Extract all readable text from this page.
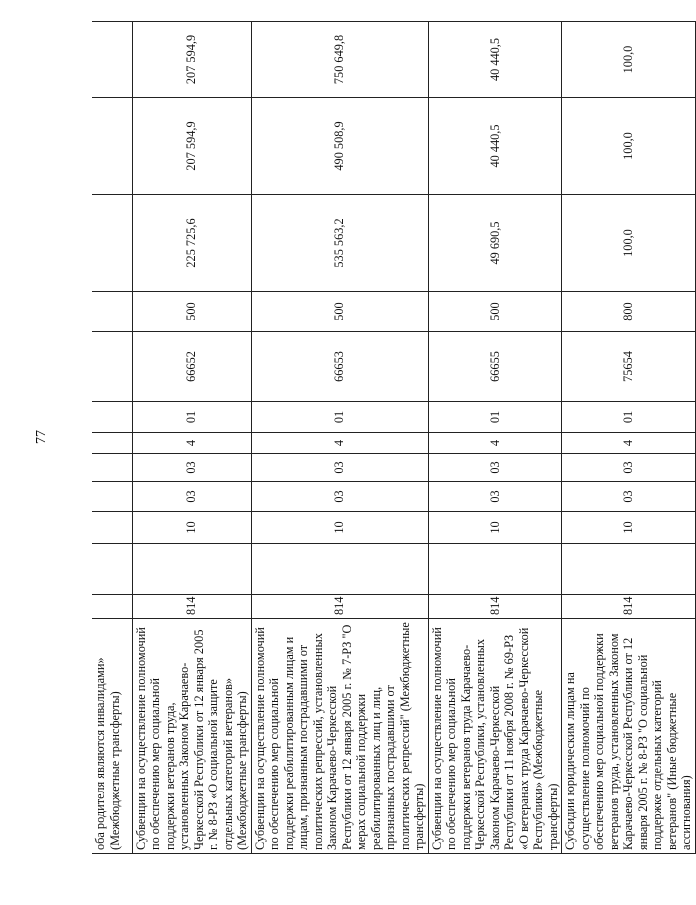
77
оба родителя являются инвалидами»
(Межбюджетные трансферты)												
Субвенции на осуществление полномочий по обеспечению мер социальной поддержки ветеранов труда, установленных Законом Карачаево-Черкесской Республики от 12 января 2005 г. № 8-РЗ «О социальной защите отдельных категорий ветеранов» (Межбюджетные трансферты)	814		10	03	03	4	01	66652	500	225 725,6	207 594,9	207 594,9
Субвенции на осуществление полномочий по обеспечению мер социальной поддержки реабилитированным лицам и лицам, признанным пострадавшими от политических репрессий, установленных Законом Карачаево-Черкесской Республики от 12 января 2005 г. № 7-РЗ "О мерах социальной поддержки реабилитированных лиц и лиц, признанных пострадавшими от политических репрессий" (Межбюджетные трансферты)	814		10	03	03	4	01	66653	500	535 563,2	490 508,9	750 649,8
Субвенции на осуществление полномочий по обеспечению мер социальной поддержки ветеранов труда Карачаево-Черкесской Республики, установленных Законом Карачаево-Черкесской Республики от 11 ноября 2008 г. № 69-РЗ «О ветеранах труда Карачаево-Черкесской Республики» (Межбюджетные трансферты)	814		10	03	03	4	01	66655	500	49 690,5	40 440,5	40 440,5
Субсидии юридическим лицам на осуществление полномочий по обеспечению мер социальной поддержки ветеранов труда, установленных Законом Карачаево-Черкесской Республики от 12 января 2005 г. № 8-РЗ "О социальной поддержке отдельных категорий ветеранов" (Иные бюджетные ассигнования)	814		10	03	03	4	01	75654	800	100,0	100,0	100,0
